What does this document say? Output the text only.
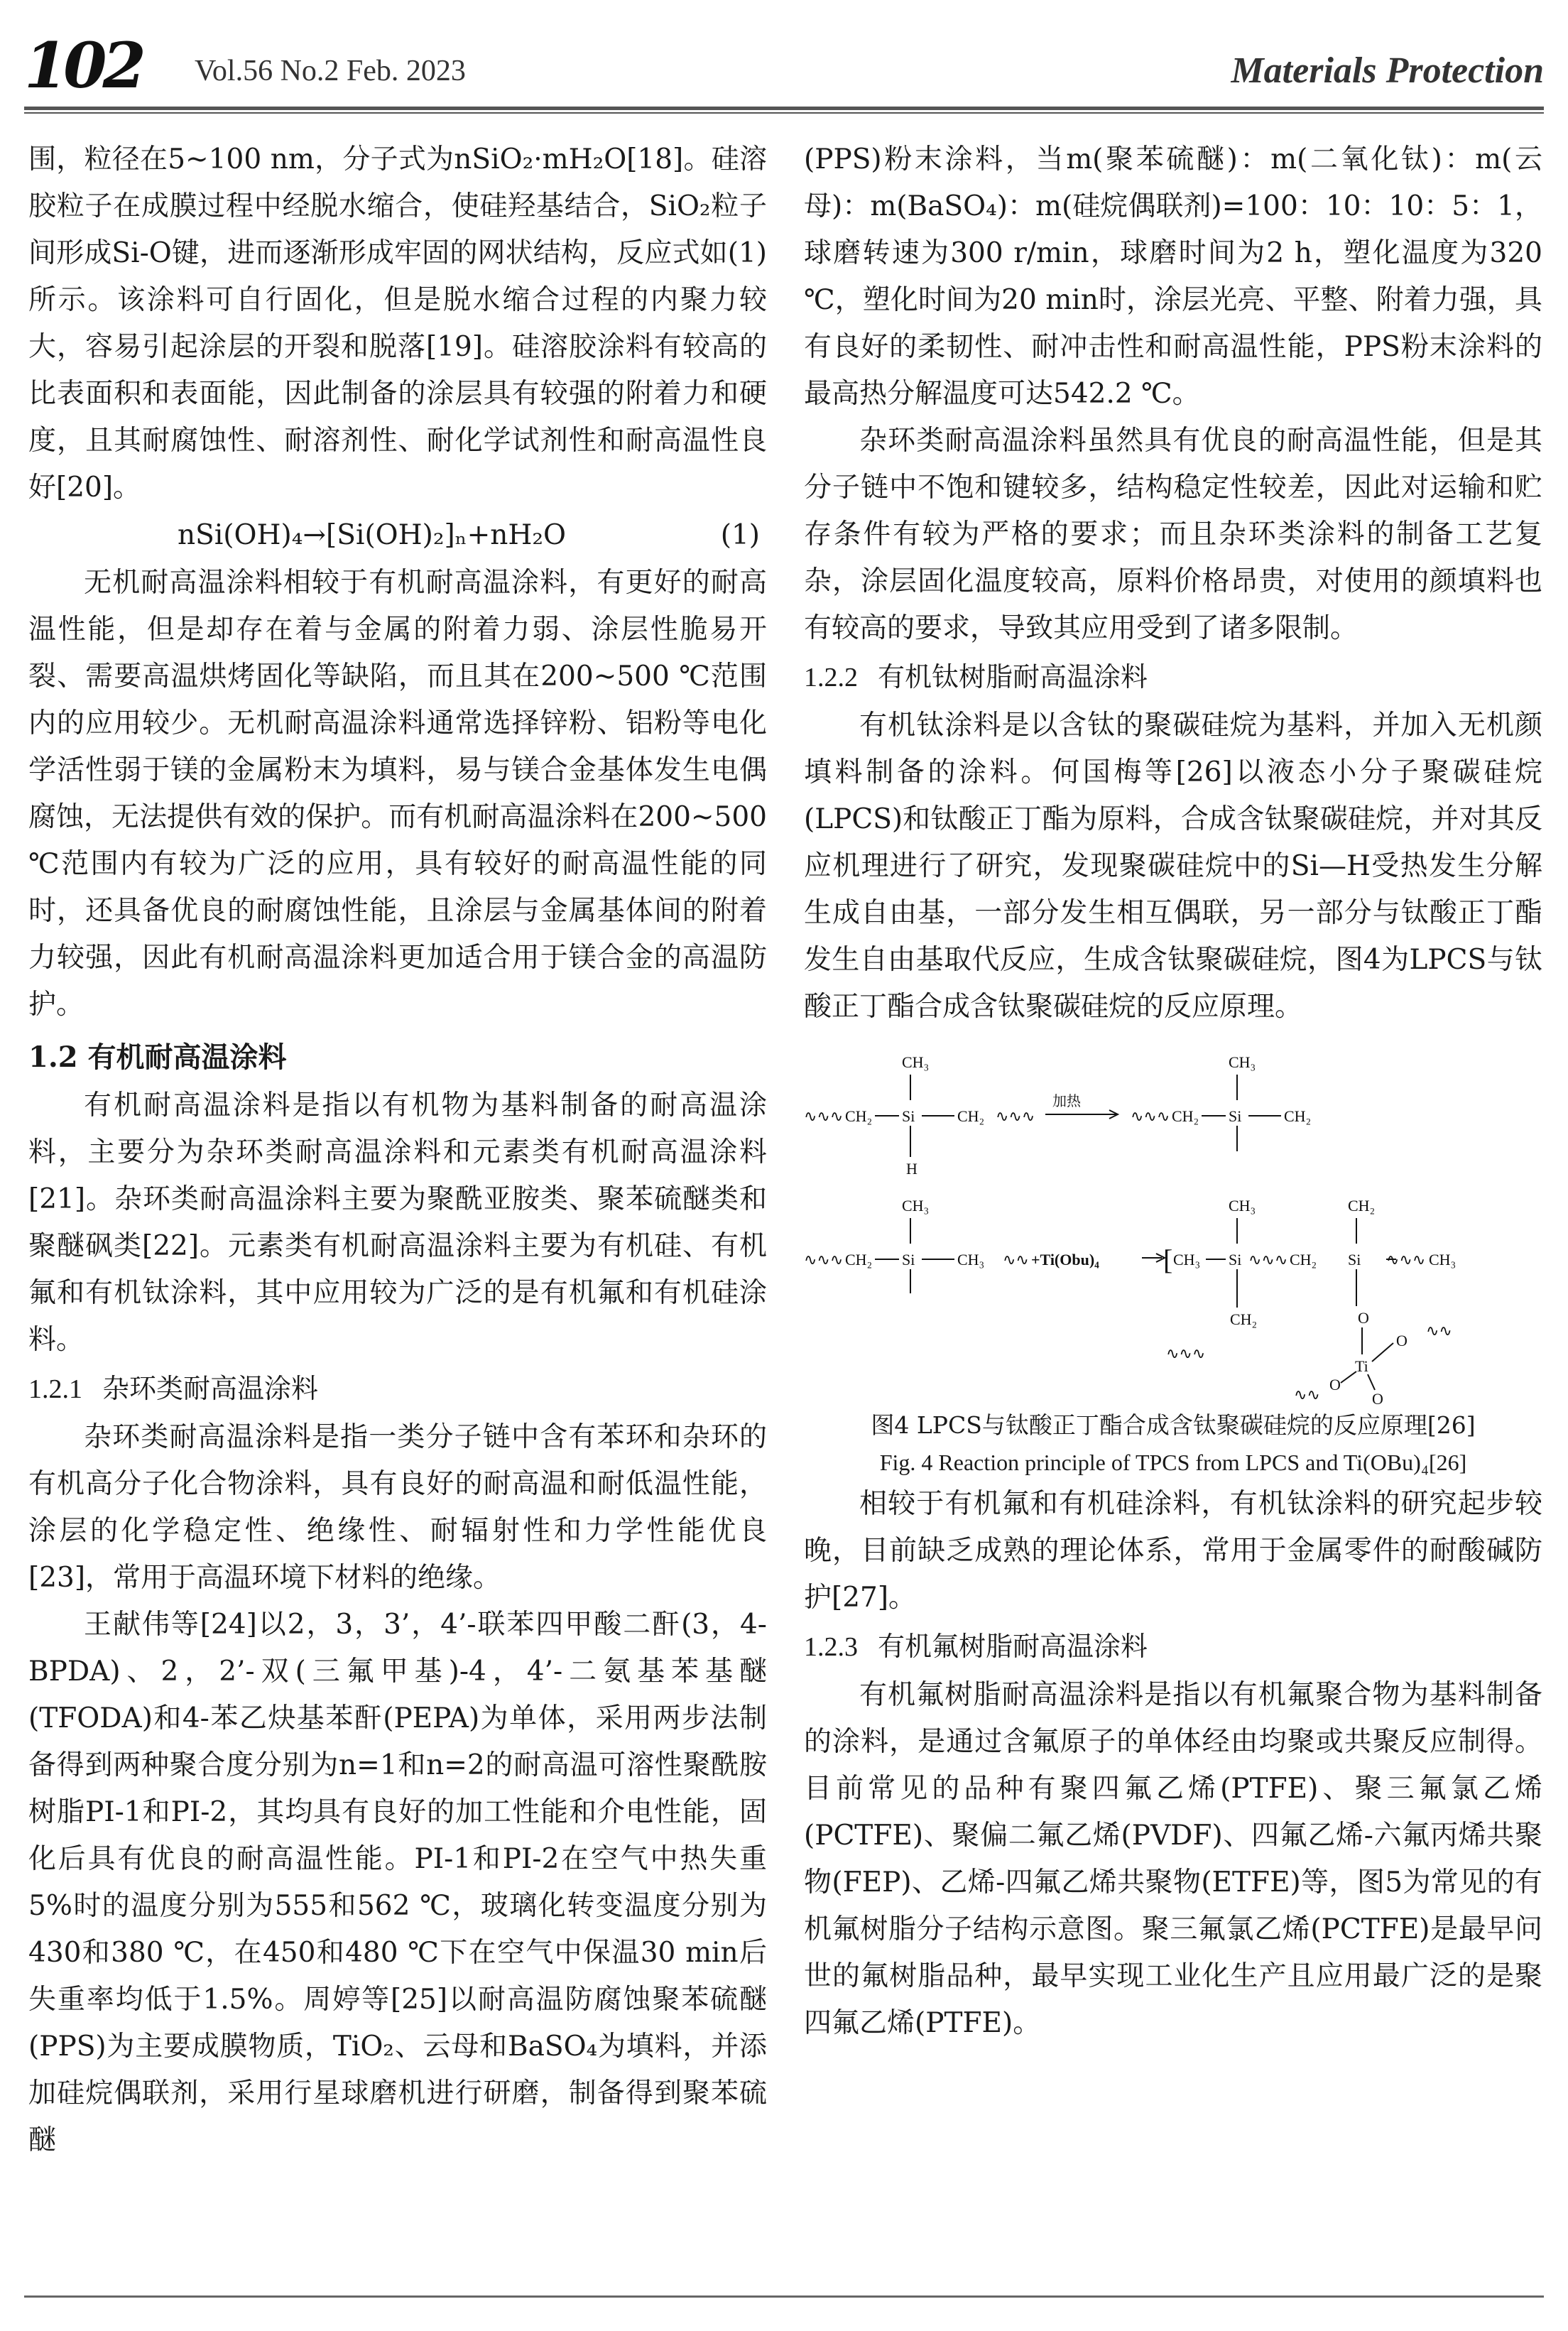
102 Vol.56 No.2 Feb. 2023	Materials Protection

围，粒径在5~100 nm，分子式为nSiO₂·mH₂O[18]。硅溶胶粒子在成膜过程中经脱水缩合，使硅羟基结合，SiO₂粒子间形成Si-O键，进而逐渐形成牢固的网状结构，反应式如(1)所示。该涂料可自行固化，但是脱水缩合过程的内聚力较大，容易引起涂层的开裂和脱落[19]。硅溶胶涂料有较高的比表面积和表面能，因此制备的涂层具有较强的附着力和硬度，且其耐腐蚀性、耐溶剂性、耐化学试剂性和耐高温性良好[20]。

nSi(OH)₄→[Si(OH)₂]ₙ+nH₂O	(1)

无机耐高温涂料相较于有机耐高温涂料，有更好的耐高温性能，但是却存在着与金属的附着力弱、涂层性脆易开裂、需要高温烘烤固化等缺陷，而且其在200~500 ℃范围内的应用较少。无机耐高温涂料通常选择锌粉、铝粉等电化学活性弱于镁的金属粉末为填料，易与镁合金基体发生电偶腐蚀，无法提供有效的保护。而有机耐高温涂料在200~500 ℃范围内有较为广泛的应用，具有较好的耐高温性能的同时，还具备优良的耐腐蚀性能，且涂层与金属基体间的附着力较强，因此有机耐高温涂料更加适合用于镁合金的高温防护。

1.2 有机耐高温涂料

有机耐高温涂料是指以有机物为基料制备的耐高温涂料，主要分为杂环类耐高温涂料和元素类有机耐高温涂料[21]。杂环类耐高温涂料主要为聚酰亚胺类、聚苯硫醚类和聚醚砜类[22]。元素类有机耐高温涂料主要为有机硅、有机氟和有机钛涂料，其中应用较为广泛的是有机氟和有机硅涂料。

1.2.1 杂环类耐高温涂料

杂环类耐高温涂料是指一类分子链中含有苯环和杂环的有机高分子化合物涂料，具有良好的耐高温和耐低温性能，涂层的化学稳定性、绝缘性、耐辐射性和力学性能优良[23]，常用于高温环境下材料的绝缘。

王献伟等[24]以2，3，3’，4’-联苯四甲酸二酐(3，4-BPDA)、2，2’-双(三氟甲基)-4，4’-二氨基苯基醚(TFODA)和4-苯乙炔基苯酐(PEPA)为单体，采用两步法制备得到两种聚合度分别为n=1和n=2的耐高温可溶性聚酰胺树脂PI-1和PI-2，其均具有良好的加工性能和介电性能，固化后具有优良的耐高温性能。PI-1和PI-2在空气中热失重5%时的温度分别为555和562 ℃，玻璃化转变温度分别为430和380 ℃，在450和480 ℃下在空气中保温30 min后失重率均低于1.5%。周婷等[25]以耐高温防腐蚀聚苯硫醚(PPS)为主要成膜物质，TiO₂、云母和BaSO₄为填料，并添加硅烷偶联剂，采用行星球磨机进行研磨，制备得到聚苯硫醚

(PPS)粉末涂料，当m(聚苯硫醚)：m(二氧化钛)：m(云母)：m(BaSO₄)：m(硅烷偶联剂)=100：10：10：5：1，球磨转速为300 r/min，球磨时间为2 h，塑化温度为320 ℃，塑化时间为20 min时，涂层光亮、平整、附着力强，具有良好的柔韧性、耐冲击性和耐高温性能，PPS粉末涂料的最高热分解温度可达542.2 ℃。

杂环类耐高温涂料虽然具有优良的耐高温性能，但是其分子链中不饱和键较多，结构稳定性较差，因此对运输和贮存条件有较为严格的要求；而且杂环类涂料的制备工艺复杂，涂层固化温度较高，原料价格昂贵，对使用的颜填料也有较高的要求，导致其应用受到了诸多限制。

1.2.2 有机钛树脂耐高温涂料

有机钛涂料是以含钛的聚碳硅烷为基料，并加入无机颜填料制备的涂料。何国梅等[26]以液态小分子聚碳硅烷(LPCS)和钛酸正丁酯为原料，合成含钛聚碳硅烷，并对其反应机理进行了研究，发现聚碳硅烷中的Si—H受热发生分解生成自由基，一部分发生相互偶联，另一部分与钛酸正丁酯发生自由基取代反应，生成含钛聚碳硅烷，图4为LPCS与钛酸正丁酯合成含钛聚碳硅烷的反应原理。

∿∿∿ CH₂ Si
CH₃
H
CH₂ ∿∿∿
加热
∿∿∿ CH₂ Si
CH₃
CH₂
∿∿∿ CH₂ Si
CH₃
CH₃ ∿∿ +Ti(Obu)₄ [ CH₃ Si
CH₃
CH₂
∿∿∿ CH₂ Si
CH₂
O
Ti
O
O
O
∿∿∿ CH₃
∿∿∿
∿∿
∿∿
图4 LPCS与钛酸正丁酯合成含钛聚碳硅烷的反应原理[26]
Fig. 4 Reaction principle of TPCS from LPCS and Ti(OBu)₄[26]

相较于有机氟和有机硅涂料，有机钛涂料的研究起步较晚，目前缺乏成熟的理论体系，常用于金属零件的耐酸碱防护[27]。

1.2.3 有机氟树脂耐高温涂料

有机氟树脂耐高温涂料是指以有机氟聚合物为基料制备的涂料，是通过含氟原子的单体经由均聚或共聚反应制得。目前常见的品种有聚四氟乙烯(PTFE)、聚三氟氯乙烯(PCTFE)、聚偏二氟乙烯(PVDF)、四氟乙烯-六氟丙烯共聚物(FEP)、乙烯-四氟乙烯共聚物(ETFE)等，图5为常见的有机氟树脂分子结构示意图。聚三氟氯乙烯(PCTFE)是最早问世的氟树脂品种，最早实现工业化生产且应用最广泛的是聚四氟乙烯(PTFE)。
